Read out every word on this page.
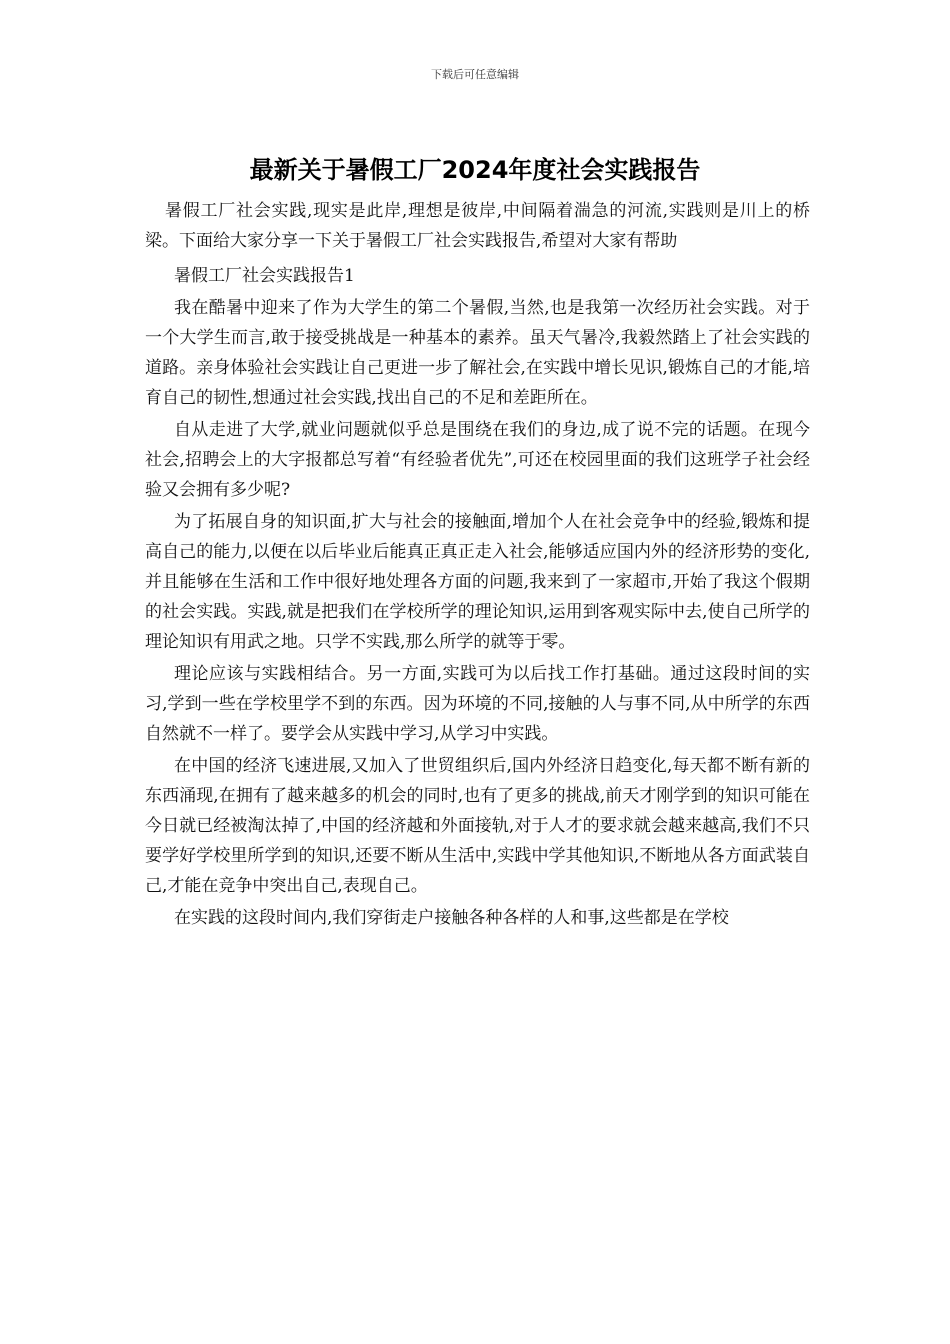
下载后可任意编辑
最新关于暑假工厂2024年度社会实践报告

暑假工厂社会实践,现实是此岸,理想是彼岸,中间隔着湍急的河流,实践则是川上的桥梁。下面给大家分享一下关于暑假工厂社会实践报告,希望对大家有帮助

暑假工厂社会实践报告1

我在酷暑中迎来了作为大学生的第二个暑假,当然,也是我第一次经历社会实践。对于一个大学生而言,敢于接受挑战是一种基本的素养。虽天气暑冷,我毅然踏上了社会实践的道路。亲身体验社会实践让自己更进一步了解社会,在实践中增长见识,锻炼自己的才能,培育自己的韧性,想通过社会实践,找出自己的不足和差距所在。

自从走进了大学,就业问题就似乎总是围绕在我们的身边,成了说不完的话题。在现今社会,招聘会上的大字报都总写着“有经验者优先”,可还在校园里面的我们这班学子社会经验又会拥有多少呢?

为了拓展自身的知识面,扩大与社会的接触面,增加个人在社会竞争中的经验,锻炼和提高自己的能力,以便在以后毕业后能真正真正走入社会,能够适应国内外的经济形势的变化,并且能够在生活和工作中很好地处理各方面的问题,我来到了一家超市,开始了我这个假期的社会实践。实践,就是把我们在学校所学的理论知识,运用到客观实际中去,使自己所学的理论知识有用武之地。只学不实践,那么所学的就等于零。

理论应该与实践相结合。另一方面,实践可为以后找工作打基础。通过这段时间的实习,学到一些在学校里学不到的东西。因为环境的不同,接触的人与事不同,从中所学的东西自然就不一样了。要学会从实践中学习,从学习中实践。

在中国的经济飞速进展,又加入了世贸组织后,国内外经济日趋变化,每天都不断有新的东西涌现,在拥有了越来越多的机会的同时,也有了更多的挑战,前天才刚学到的知识可能在今日就已经被淘汰掉了,中国的经济越和外面接轨,对于人才的要求就会越来越高,我们不只要学好学校里所学到的知识,还要不断从生活中,实践中学其他知识,不断地从各方面武装自己,才能在竞争中突出自己,表现自己。

在实践的这段时间内,我们穿街走户接触各种各样的人和事,这些都是在学校
